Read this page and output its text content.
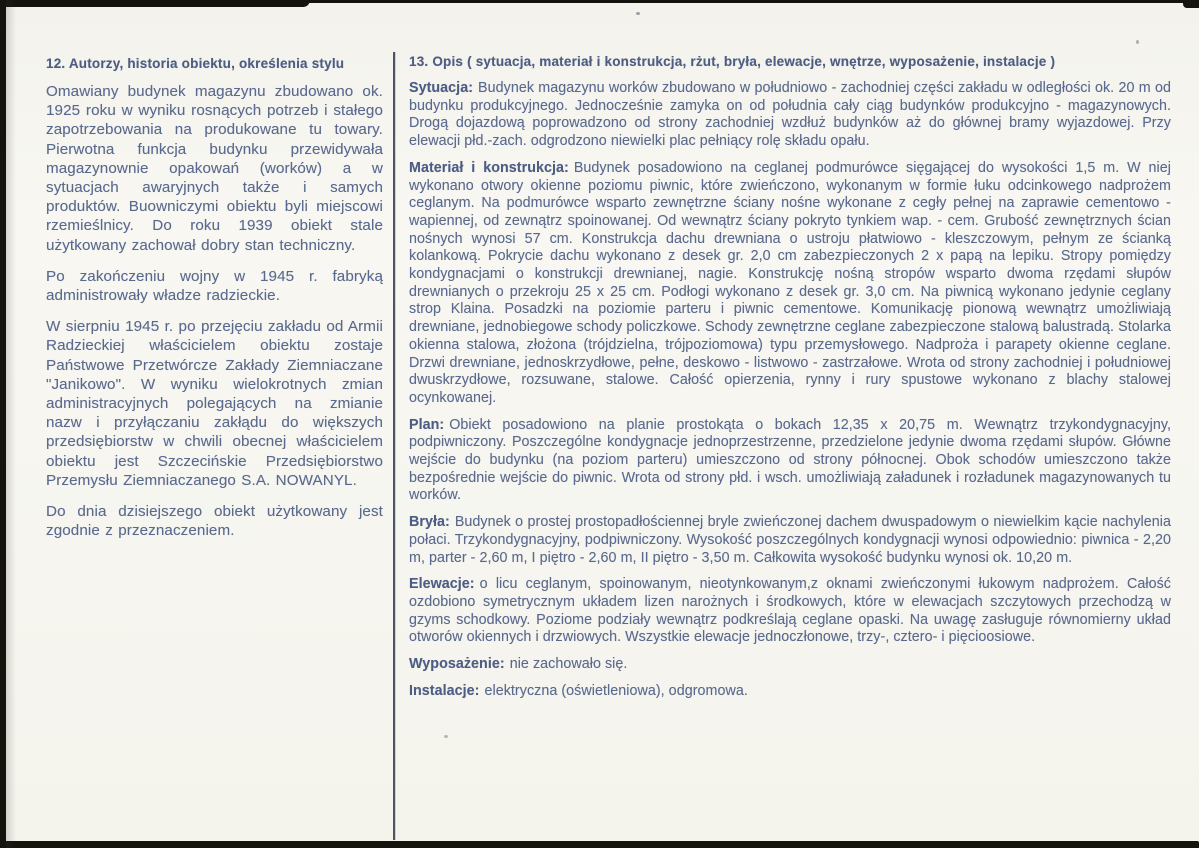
12. Autorzy, historia obiektu, określenia stylu

Omawiany budynek magazynu zbudowano ok. 1925 roku w wyniku rosnących potrzeb i stałego zapotrzebowania na produkowane tu towary. Pierwotna funkcja budynku przewidywała magazynownie opakowań (worków) a w sytuacjach awaryjnych także i samych produktów. Buowniczymi obiektu byli miejscowi rzemieślnicy. Do roku 1939 obiekt stale użytkowany zachował dobry stan techniczny.

Po zakończeniu wojny w 1945 r. fabryką administrowały władze radzieckie.

W sierpniu 1945 r. po przejęciu zakładu od Armii Radzieckiej właścicielem obiektu zostaje Państwowe Przetwórcze Zakłady Ziemniaczane "Janikowo". W wyniku wielokrotnych zmian administracyjnych polegających na zmianie nazw i przyłączaniu zakłądu do większych przedsiębiorstw w chwili obecnej właścicielem obiektu jest Szczecińskie Przedsiębiorstwo Przemysłu Ziemniaczanego S.A. NOWANYL.

Do dnia dzisiejszego obiekt użytkowany jest zgodnie z przeznaczeniem.

13. Opis ( sytuacja, materiał i konstrukcja, rżut, bryła, elewacje, wnętrze, wyposażenie, instalacje )

Sytuacja: Budynek magazynu worków zbudowano w południowo - zachodniej części zakładu w odległości ok. 20 m od budynku produkcyjnego. Jednocześnie zamyka on od południa cały ciąg budynków produkcyjno - magazynowych. Drogą dojazdową poprowadzono od strony zachodniej wzdłuż budynków aż do głównej bramy wyjazdowej. Przy elewacji płd.-zach. odgrodzono niewielki plac pełniący rolę składu opału.

Materiał i konstrukcja: Budynek posadowiono na ceglanej podmurówce sięgającej do wysokości 1,5 m. W niej wykonano otwory okienne poziomu piwnic, które zwieńczono, wykonanym w formie łuku odcinkowego nadprożem ceglanym. Na podmurówce wsparto zewnętrzne ściany nośne wykonane z cegły pełnej na zaprawie cementowo - wapiennej, od zewnątrz spoinowanej. Od wewnątrz ściany pokryto tynkiem wap. - cem. Grubość zewnętrznych ścian nośnych wynosi 57 cm. Konstrukcja dachu drewniana o ustroju płatwiowo - kleszczowym, pełnym ze ścianką kolankową. Pokrycie dachu wykonano z desek gr. 2,0 cm zabezpieczonych 2 x papą na lepiku. Stropy pomiędzy kondygnacjami o konstrukcji drewnianej, nagie. Konstrukcję nośną stropów wsparto dwoma rzędami słupów drewnianych o przekroju 25 x 25 cm. Podłogi wykonano z desek gr. 3,0 cm. Na piwnicą wykonano jedynie ceglany strop Klaina. Posadzki na poziomie parteru i piwnic cementowe. Komunikację pionową wewnątrz umożliwiają drewniane, jednobiegowe schody policzkowe. Schody zewnętrzne ceglane zabezpieczone stalową balustradą. Stolarka okienna stalowa, złożona (trójdzielna, trójpoziomowa) typu przemysłowego. Nadproża i parapety okienne ceglane. Drzwi drewniane, jednoskrzydłowe, pełne, deskowo - listwowo - zastrzałowe. Wrota od strony zachodniej i południowej dwuskrzydłowe, rozsuwane, stalowe. Całość opierzenia, rynny i rury spustowe wykonano z blachy stalowej ocynkowanej.

Plan: Obiekt posadowiono na planie prostokąta o bokach 12,35 x 20,75 m. Wewnątrz trzykondygnacyjny, podpiwniczony. Poszczególne kondygnacje jednoprzestrzenne, przedzielone jedynie dwoma rzędami słupów. Główne wejście do budynku (na poziom parteru) umieszczono od strony północnej. Obok schodów umieszczono także bezpośrednie wejście do piwnic. Wrota od strony płd. i wsch. umożliwiają załadunek i rozładunek magazynowanych tu worków.

Bryła: Budynek o prostej prostopadłościennej bryle zwieńczonej dachem dwuspadowym o niewielkim kącie nachylenia połaci. Trzykondygnacyjny, podpiwniczony. Wysokość poszczególnych kondygnacji wynosi odpowiednio: piwnica - 2,20 m, parter - 2,60 m, I piętro - 2,60 m, II piętro - 3,50 m. Całkowita wysokość budynku wynosi ok. 10,20 m.

Elewacje: o licu ceglanym, spoinowanym, nieotynkowanym,z oknami zwieńczonymi łukowym nadprożem. Całość ozdobiono symetrycznym układem lizen narożnych i środkowych, które w elewacjach szczytowych przechodzą w gzyms schodkowy. Poziome podziały wewnątrz podkreślają ceglane opaski. Na uwagę zasługuje równomierny układ otworów okiennych i drzwiowych. Wszystkie elewacje jednoczłonowe, trzy-, cztero- i pięcioosiowe.

Wyposażenie: nie zachowało się.

Instalacje: elektryczna (oświetleniowa), odgromowa.
